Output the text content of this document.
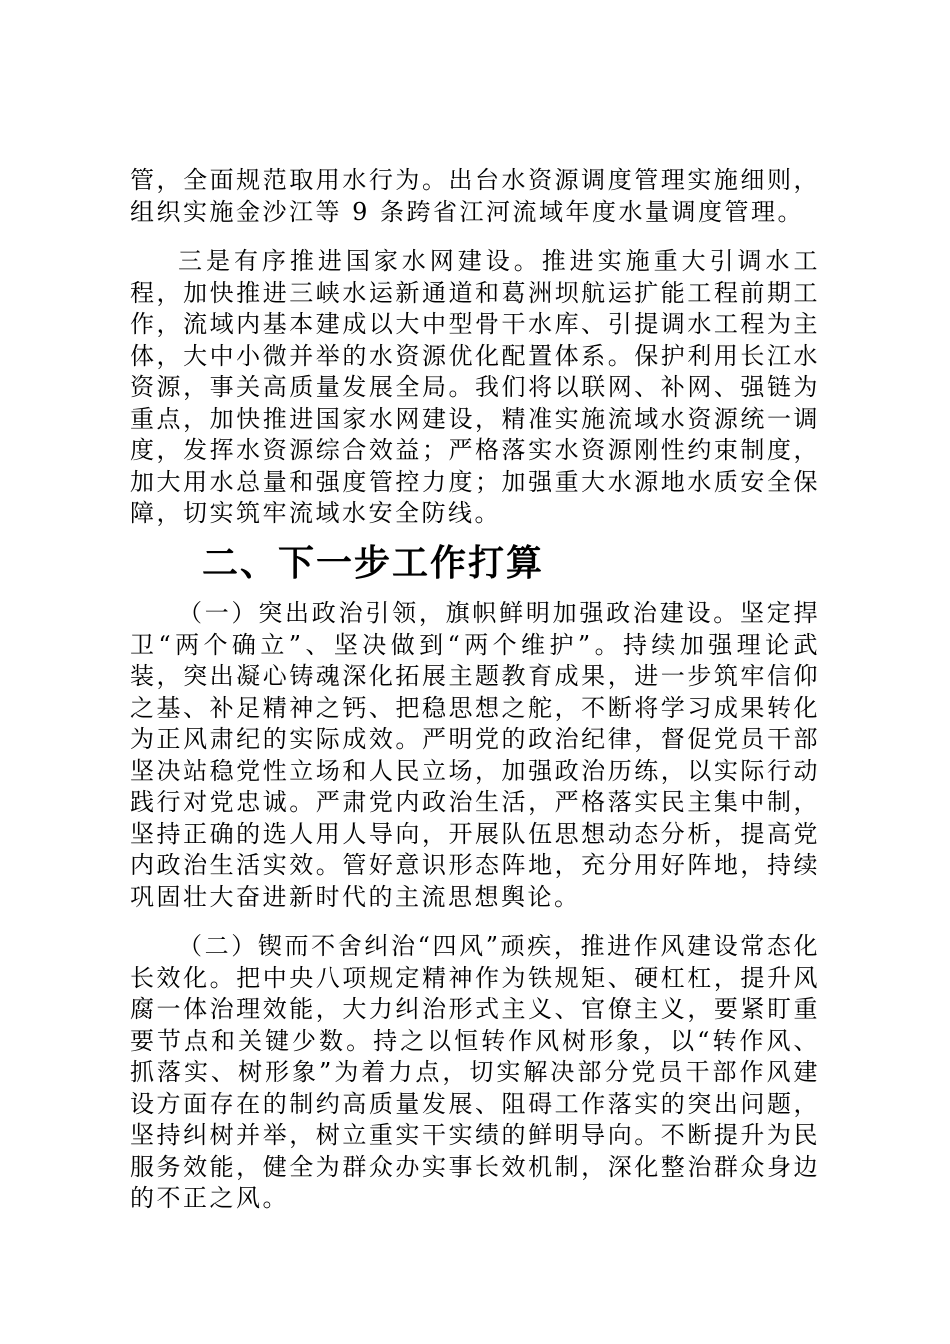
管，全面规范取用水行为。出台水资源调度管理实施细则，组织实施金沙江等 9 条跨省江河流域年度水量调度管理。

三是有序推进国家水网建设。推进实施重大引调水工程，加快推进三峡水运新通道和葛洲坝航运扩能工程前期工作，流域内基本建成以大中型骨干水库、引提调水工程为主体，大中小微并举的水资源优化配置体系。保护利用长江水资源，事关高质量发展全局。我们将以联网、补网、强链为重点，加快推进国家水网建设，精准实施流域水资源统一调度，发挥水资源综合效益；严格落实水资源刚性约束制度，加大用水总量和强度管控力度；加强重大水源地水质安全保障，切实筑牢流域水安全防线。

二、下一步工作打算

（一）突出政治引领，旗帜鲜明加强政治建设。坚定捍卫“两个确立”、坚决做到“两个维护”。持续加强理论武装，突出凝心铸魂深化拓展主题教育成果，进一步筑牢信仰之基、补足精神之钙、把稳思想之舵，不断将学习成果转化为正风肃纪的实际成效。严明党的政治纪律，督促党员干部坚决站稳党性立场和人民立场，加强政治历练，以实际行动践行对党忠诚。严肃党内政治生活，严格落实民主集中制，坚持正确的选人用人导向，开展队伍思想动态分析，提高党内政治生活实效。管好意识形态阵地，充分用好阵地，持续巩固壮大奋进新时代的主流思想舆论。

（二）锲而不舍纠治“四风”顽疾，推进作风建设常态化长效化。把中央八项规定精神作为铁规矩、硬杠杠，提升风腐一体治理效能，大力纠治形式主义、官僚主义，要紧盯重要节点和关键少数。持之以恒转作风树形象，以“转作风、抓落实、树形象”为着力点，切实解决部分党员干部作风建设方面存在的制约高质量发展、阻碍工作落实的突出问题，坚持纠树并举，树立重实干实绩的鲜明导向。不断提升为民服务效能，健全为群众办实事长效机制，深化整治群众身边的不正之风。
